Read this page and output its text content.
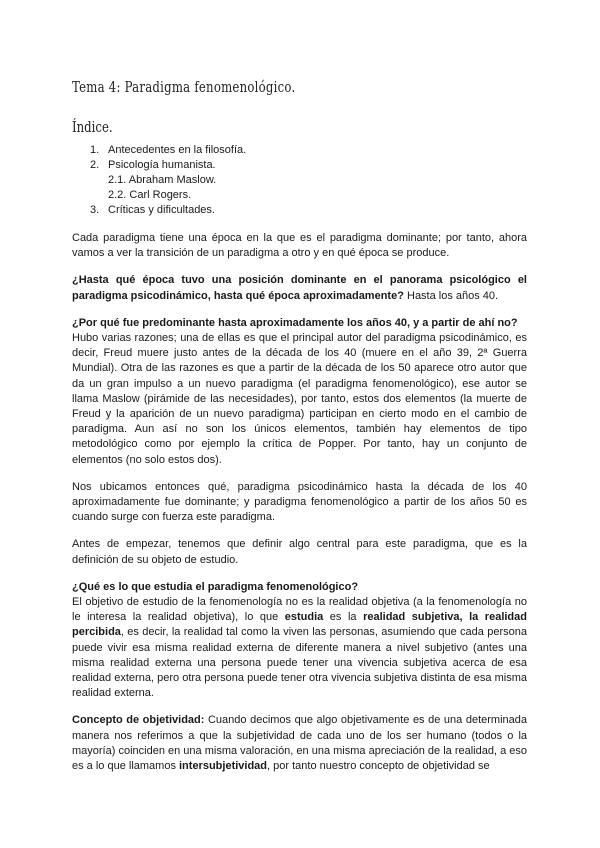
Tema 4: Paradigma fenomenológico.
Índice.
1. Antecedentes en la filosofía.
2. Psicología humanista.
2.1. Abraham Maslow.
2.2. Carl Rogers.
3. Críticas y dificultades.

Cada paradigma tiene una época en la que es el paradigma dominante; por tanto, ahora vamos a ver la transición de un paradigma a otro y en qué época se produce.

¿Hasta qué época tuvo una posición dominante en el panorama psicológico el paradigma psicodinámico, hasta qué época aproximadamente? Hasta los años 40.

¿Por qué fue predominante hasta aproximadamente los años 40, y a partir de ahí no?
Hubo varias razones; una de ellas es que el principal autor del paradigma psicodinámico, es decir, Freud muere justo antes de la década de los 40 (muere en el año 39, 2ª Guerra Mundial). Otra de las razones es que a partir de la década de los 50 aparece otro autor que da un gran impulso a un nuevo paradigma (el paradigma fenomenológico), ese autor se llama Maslow (pirámide de las necesidades), por tanto, estos dos elementos (la muerte de Freud y la aparición de un nuevo paradigma) participan en cierto modo en el cambio de paradigma. Aun así no son los únicos elementos, también hay elementos de tipo metodológico como por ejemplo la crítica de Popper. Por tanto, hay un conjunto de elementos (no solo estos dos).

Nos ubicamos entonces qué, paradigma psicodinámico hasta la década de los 40 aproximadamente fue dominante; y paradigma fenomenológico a partir de los años 50 es cuando surge con fuerza este paradigma.

Antes de empezar, tenemos que definir algo central para este paradigma, que es la definición de su objeto de estudio.

¿Qué es lo que estudia el paradigma fenomenológico?
El objetivo de estudio de la fenomenología no es la realidad objetiva (a la fenomenología no le interesa la realidad objetiva), lo que estudia es la realidad subjetiva, la realidad percibida, es decir, la realidad tal como la viven las personas, asumiendo que cada persona puede vivir esa misma realidad externa de diferente manera a nivel subjetivo (antes una misma realidad externa una persona puede tener una vivencia subjetiva acerca de esa realidad externa, pero otra persona puede tener otra vivencia subjetiva distinta de esa misma realidad externa.

Concepto de objetividad: Cuando decimos que algo objetivamente es de una determinada manera nos referimos a que la subjetividad de cada uno de los ser humano (todos o la mayoría) coinciden en una misma valoración, en una misma apreciación de la realidad, a eso es a lo que llamamos intersubjetividad, por tanto nuestro concepto de objetividad se
